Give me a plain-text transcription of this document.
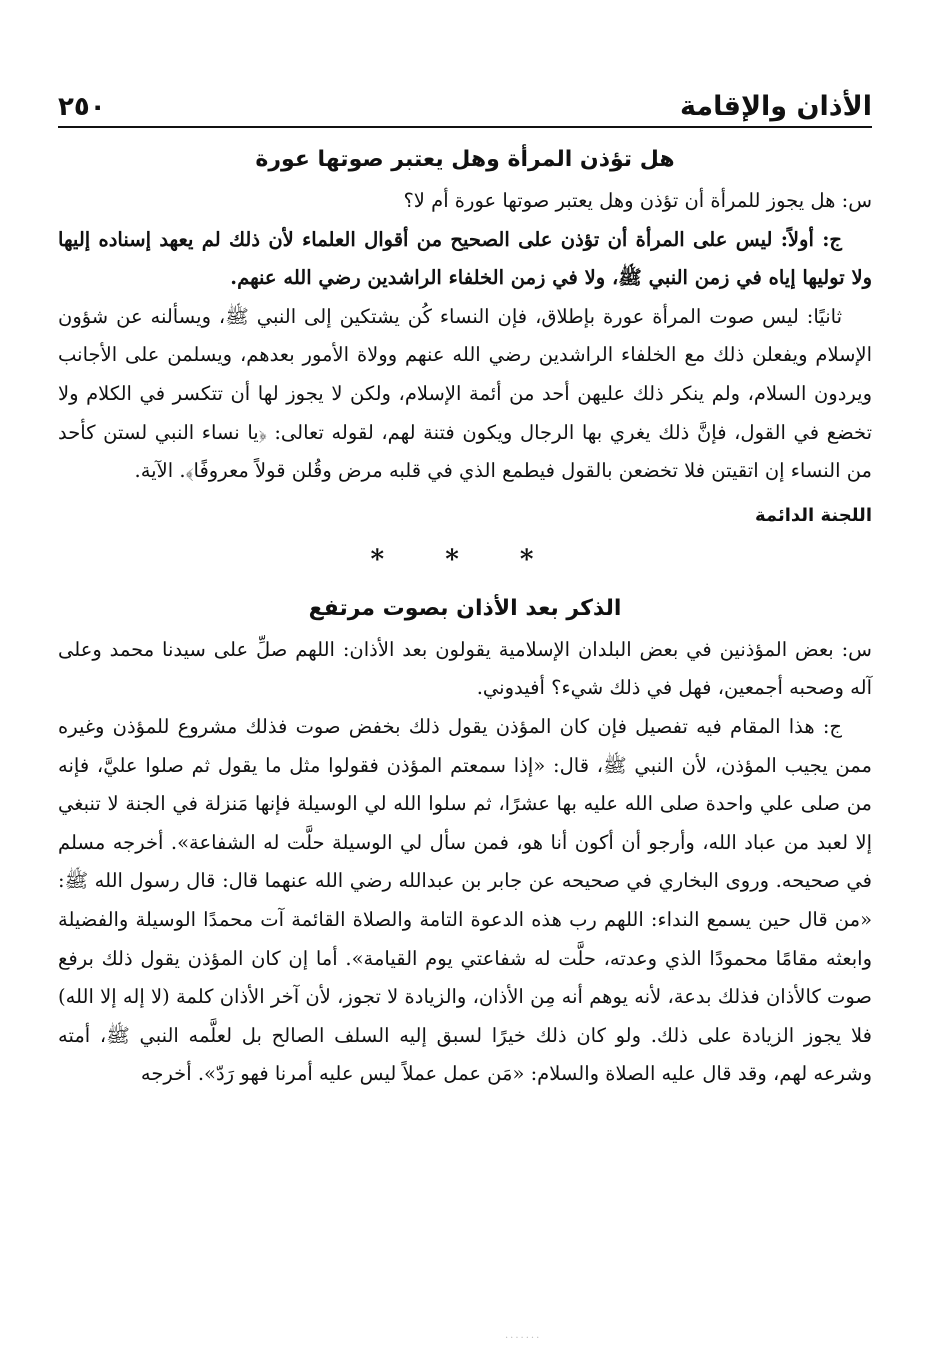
الأذان والإقامة
٢٥٠
هل تؤذن المرأة وهل يعتبر صوتها عورة

س: هل يجوز للمرأة أن تؤذن وهل يعتبر صوتها عورة أم لا؟

ج: أولاً: ليس على المرأة أن تؤذن على الصحيح من أقوال العلماء لأن ذلك لم يعهد إسناده إليها ولا توليها إياه في زمن النبي ﷺ، ولا في زمن الخلفاء الراشدين رضي الله عنهم.

ثانيًا: ليس صوت المرأة عورة بإطلاق، فإن النساء كُن يشتكين إلى النبي ﷺ، ويسألنه عن شؤون الإسلام ويفعلن ذلك مع الخلفاء الراشدين رضي الله عنهم وولاة الأمور بعدهم، ويسلمن على الأجانب ويردون السلام، ولم ينكر ذلك عليهن أحد من أئمة الإسلام، ولكن لا يجوز لها أن تتكسر في الكلام ولا تخضع في القول، فإنَّ ذلك يغري بها الرجال ويكون فتنة لهم، لقوله تعالى: ﴿يا نساء النبي لستن كأحد من النساء إن اتقيتن فلا تخضعن بالقول فيطمع الذي في قلبه مرض وقُلن قولاً معروفًا﴾. الآية.

اللجنة الدائمة
* * *
الذكر بعد الأذان بصوت مرتفع

س: بعض المؤذنين في بعض البلدان الإسلامية يقولون بعد الأذان: اللهم صلِّ على سيدنا محمد وعلى آله وصحبه أجمعين، فهل في ذلك شيء؟ أفيدوني.

ج: هذا المقام فيه تفصيل فإن كان المؤذن يقول ذلك بخفض صوت فذلك مشروع للمؤذن وغيره ممن يجيب المؤذن، لأن النبي ﷺ، قال: «إذا سمعتم المؤذن فقولوا مثل ما يقول ثم صلوا عليَّ، فإنه من صلى علي واحدة صلى الله عليه بها عشرًا، ثم سلوا الله لي الوسيلة فإنها مَنزلة في الجنة لا تنبغي إلا لعبد من عباد الله، وأرجو أن أكون أنا هو، فمن سأل لي الوسيلة حلَّت له الشفاعة». أخرجه مسلم في صحيحه. وروى البخاري في صحيحه عن جابر بن عبدالله رضي الله عنهما قال: قال رسول الله ﷺ: «من قال حين يسمع النداء: اللهم رب هذه الدعوة التامة والصلاة القائمة آت محمدًا الوسيلة والفضيلة وابعثه مقامًا محمودًا الذي وعدته، حلَّت له شفاعتي يوم القيامة». أما إن كان المؤذن يقول ذلك برفع صوت كالأذان فذلك بدعة، لأنه يوهم أنه مِن الأذان، والزيادة لا تجوز، لأن آخر الأذان كلمة (لا إله إلا الله) فلا يجوز الزيادة على ذلك. ولو كان ذلك خيرًا لسبق إليه السلف الصالح بل لعلَّمه النبي ﷺ، أمته وشرعه لهم، وقد قال عليه الصلاة والسلام: «مَن عمل عملاً ليس عليه أمرنا فهو رَدّ». أخرجه

.......
